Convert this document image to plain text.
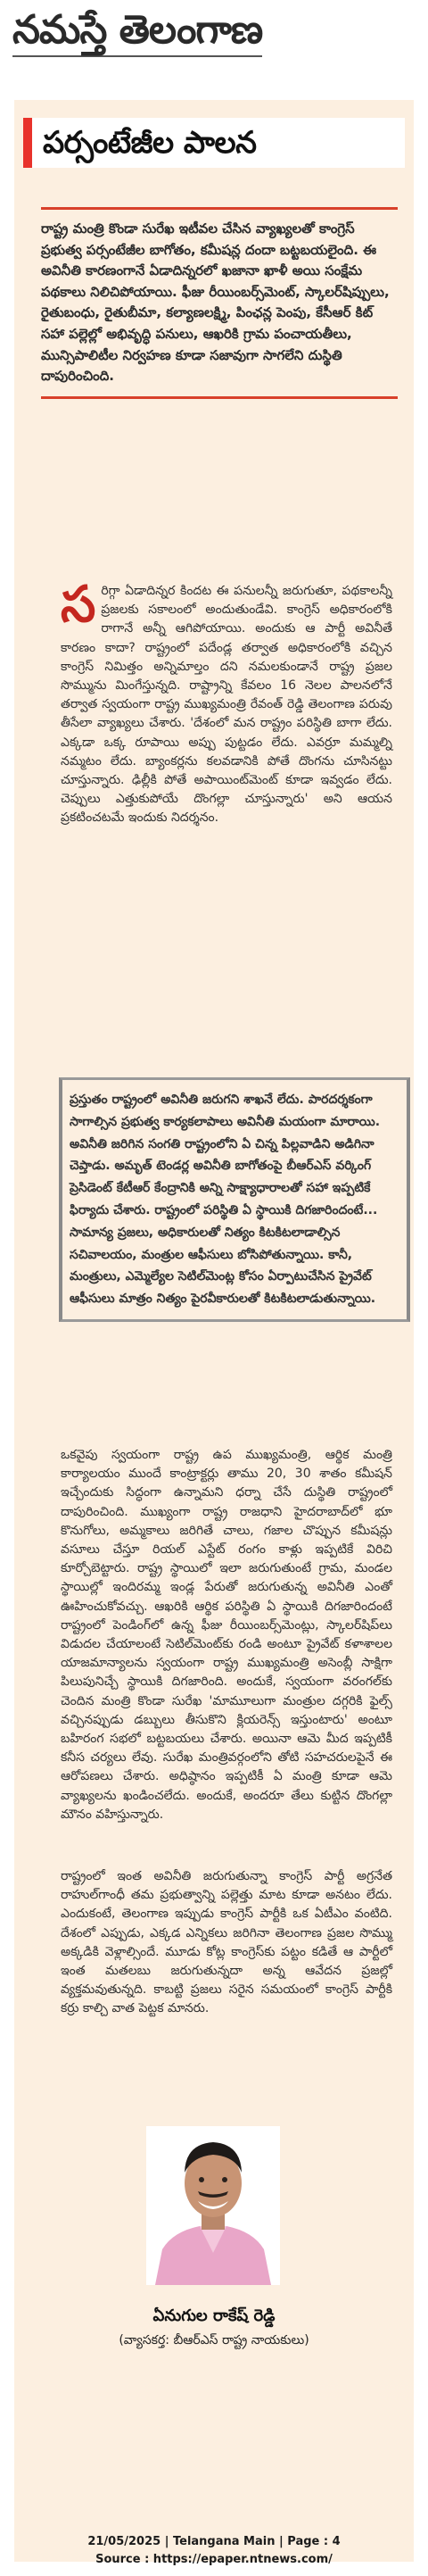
నమస్తే తెలంగాణ
పర్సంటేజీల పాలన

రాష్ట్ర మంత్రి కొండా సురేఖ ఇటీవల చేసిన వ్యాఖ్యలతో కాంగ్రెస్ ప్రభుత్వ పర్సంటేజీల బాగోతం, కమీషన్ల దందా బట్టబయలైంది. ఈ అవినీతి కారణంగానే ఏడాదిన్నరలో ఖజానా ఖాళీ అయి సంక్షేమ పథకాలు నిలిచిపోయాయి. ఫీజు రీయింబర్స్‌మెంట్, స్కాలర్‌షిప్పులు, రైతుబంధు, రైతుబీమా, కల్యాణలక్ష్మి, పింఛన్ల పెంపు, కేసీఆర్ కిట్ సహా పల్లెల్లో అభివృద్ధి పనులు, ఆఖరికి గ్రామ పంచాయతీలు, మున్సిపాలిటీల నిర్వహణ కూడా సజావుగా సాగలేని దుస్థితి దాపురించింది.

సరిగ్గా ఏడాదిన్నర కిందట ఈ పనులన్నీ జరుగుతూ, పథకాలన్నీ ప్రజలకు సకాలంలో అందుతుండేవి. కాంగ్రెస్ అధికారంలోకి రాగానే అన్నీ ఆగిపోయాయి. అందుకు ఆ పార్టీ అవినీతే కారణం కాదా? రాష్ట్రంలో పదేండ్ల తర్వాత అధికారంలోకి వచ్చిన కాంగ్రెస్ నిమిత్తం అన్నిమాల్తం దని నమలకుండానే రాష్ట్ర ప్రజల సొమ్మును మింగేస్తున్నది. రాష్ట్రాన్ని కేవలం 16 నెలల పాలనలోనే తర్వాత స్వయంగా రాష్ట్ర ముఖ్యమంత్రి రేవంత్ రెడ్డి తెలంగాణ పరువు తీసేలా వ్యాఖ్యలు చేశారు. 'దేశంలో మన రాష్ట్రం పరిస్థితి బాగా లేదు. ఎక్కడా ఒక్క రూపాయి అప్పు పుట్టడం లేదు. ఎవర్రూ మమ్మల్ని నమ్మటం లేదు. బ్యాంకర్లను కలవడానికి పోతే దొంగను చూసినట్టు చూస్తున్నారు. ఢిల్లీకి పోతే అపాయింట్‌మెంట్ కూడా ఇవ్వడం లేదు. చెప్పులు ఎత్తుకుపోయే దొంగల్లా చూస్తున్నారు' అని ఆయన ప్రకటించటమే ఇందుకు నిదర్శనం.

ప్రస్తుతం రాష్ట్రంలో అవినీతి జరుగని శాఖనే లేదు. పారదర్శకంగా సాగాల్సిన ప్రభుత్వ కార్యకలాపాలు అవినీతి మయంగా మారాయి. అవినీతి జరిగిన సంగతి రాష్ట్రంలోని ఏ చిన్న పిల్లవాడిని అడిగినా చెప్తాడు. అమృత్ టెండర్ల అవినీతి బాగోతంపై బీఆర్ఎస్ వర్కింగ్ ప్రెసిడెంట్ కేటీఆర్ కేంద్రానికి అన్ని సాక్ష్యాధారాలతో సహా ఇప్పటికే ఫిర్యాదు చేశారు. రాష్ట్రంలో పరిస్థితి ఏ స్థాయికి దిగజారిందంటే... సామాన్య ప్రజలు, అధికారులతో నిత్యం కిటకిటలాడాల్సిన సచివాలయం, మంత్రుల ఆఫీసులు బోసిపోతున్నాయి. కానీ, మంత్రులు, ఎమ్మెల్యేల సెటిల్‌మెంట్ల కోసం ఏర్పాటుచేసిన ప్రైవేట్ ఆఫీసులు మాత్రం నిత్యం పైరవీకారులతో కిటకిటలాడుతున్నాయి.

ఒకవైపు స్వయంగా రాష్ట్ర ఉప ముఖ్యమంత్రి, ఆర్థిక మంత్రి కార్యాలయం ముందే కాంట్రాక్టర్లు తాము 20, 30 శాతం కమీషన్ ఇచ్చేందుకు సిద్ధంగా ఉన్నామని ధర్నా చేసే దుస్థితి రాష్ట్రంలో దాపురించింది. ముఖ్యంగా రాష్ట్ర రాజధాని హైదరాబాద్‌లో భూ కొనుగోలు, అమ్మకాలు జరిగితే చాలు, గజాల చొప్పున కమీషన్లు వసూలు చేస్తూ రియల్ ఎస్టేట్ రంగం కాళ్లు ఇప్పటికే విరిచి కూర్చోబెట్టారు. రాష్ట్ర స్థాయిలో ఇలా జరుగుతుంటే గ్రామ, మండల స్థాయిల్లో ఇందిరమ్మ ఇండ్ల పేరుతో జరుగుతున్న అవినీతి ఎంతో ఊహించుకోవచ్చు. ఆఖరికి ఆర్థిక పరిస్థితి ఏ స్థాయికి దిగజారిందంటే రాష్ట్రంలో పెండింగ్‌లో ఉన్న ఫీజు రీయింబర్స్‌మెంట్లు, స్కాలర్‌షిప్‌లు విడుదల చేయాలంటే సెటిల్‌మెంట్‌కు రండి అంటూ ప్రైవేట్ కళాశాలల యాజమాన్యాలను స్వయంగా రాష్ట్ర ముఖ్యమంత్రి అసెంబ్లీ సాక్షిగా పిలుపునిచ్చే స్థాయికి దిగజారింది. అందుకే, స్వయంగా వరంగల్‌కు చెందిన మంత్రి కొండా సురేఖ 'మామూలుగా మంత్రుల దగ్గరికి ఫైల్స్ వచ్చినప్పుడు డబ్బులు తీసుకొని క్లియరెన్స్ ఇస్తుంటారు' అంటూ బహిరంగ సభలో బట్టబయలు చేశారు. అయినా ఆమె మీద ఇప్పటికీ కనీస చర్యలు లేవు. సురేఖ మంత్రివర్గంలోని తోటి సహచరులపైనే ఈ ఆరోపణలు చేశారు. అధిష్ఠానం ఇప్పటికీ ఏ మంత్రి కూడా ఆమె వ్యాఖ్యలను ఖండించలేదు. అందుకే, అందరూ తేలు కుట్టిన దొంగల్లా మౌనం వహిస్తున్నారు.

రాష్ట్రంలో ఇంత అవినీతి జరుగుతున్నా కాంగ్రెస్ పార్టీ అగ్రనేత రాహుల్‌గాంధీ తమ ప్రభుత్వాన్ని పల్లెత్తు మాట కూడా అనటం లేదు. ఎందుకంటే, తెలంగాణ ఇప్పుడు కాంగ్రెస్ పార్టీకి ఒక ఏటీఎం వంటిది. దేశంలో ఎప్పుడు, ఎక్కడ ఎన్నికలు జరిగినా తెలంగాణ ప్రజల సొమ్ము అక్కడికి వెళ్లాల్సిందే. మూడు కోట్ల కాంగ్రెస్‌కు పట్టం కడితే ఆ పార్టీలో ఇంత మతలబు జరుగుతున్నదా అన్న ఆవేదన ప్రజల్లో వ్యక్తమవుతున్నది. కాబట్టి ప్రజలు సరైన సమయంలో కాంగ్రెస్ పార్టీకి కర్రు కాల్చి వాత పెట్టక మానరు.

ఏనుగుల రాకేష్ రెడ్డి

(వ్యాసకర్త: బీఆర్ఎస్ రాష్ట్ర నాయకులు)

21/05/2025 | Telangana Main | Page : 4

Source : https://epaper.ntnews.com/
